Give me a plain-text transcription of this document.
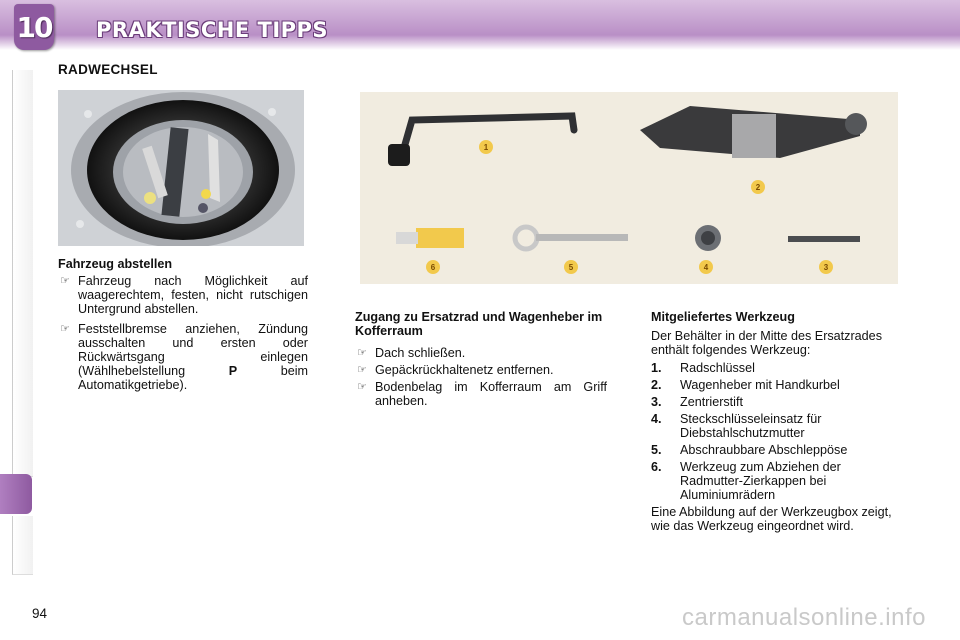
10 PRAKTISCHE TIPPS
RADWECHSEL
1
2
3
4
5
6
Fahrzeug abstellen
☞ Fahrzeug nach Möglichkeit auf waagerechtem, festen, nicht rutschigen Untergrund abstellen.
☞ Feststellbremse anziehen, Zündung ausschalten und ersten oder Rückwärtsgang einlegen (Wählhebelstellung	P	beim Automatikgetriebe).
Zugang zu Ersatzrad und Wagenheber im Kofferraum
☞ Dach schließen.
☞ Gepäckrückhaltenetz entfernen.
☞ Bodenbelag im Kofferraum am Griff anheben.
Mitgeliefertes Werkzeug
Der Behälter in der Mitte des Ersatzrades enthält folgendes Werkzeug:
1. Radschlüssel
2. Wagenheber mit Handkurbel
3. Zentrierstift
4. Steckschlüsseleinsatz für Diebstahlschutzmutter
5. Abschraubbare Abschleppöse
6. Werkzeug zum Abziehen der Radmutter-Zierkappen bei Aluminiumrädern
Eine Abbildung auf der Werkzeugbox zeigt, wie das Werkzeug eingeordnet wird.
94	carmanualsonline.info
